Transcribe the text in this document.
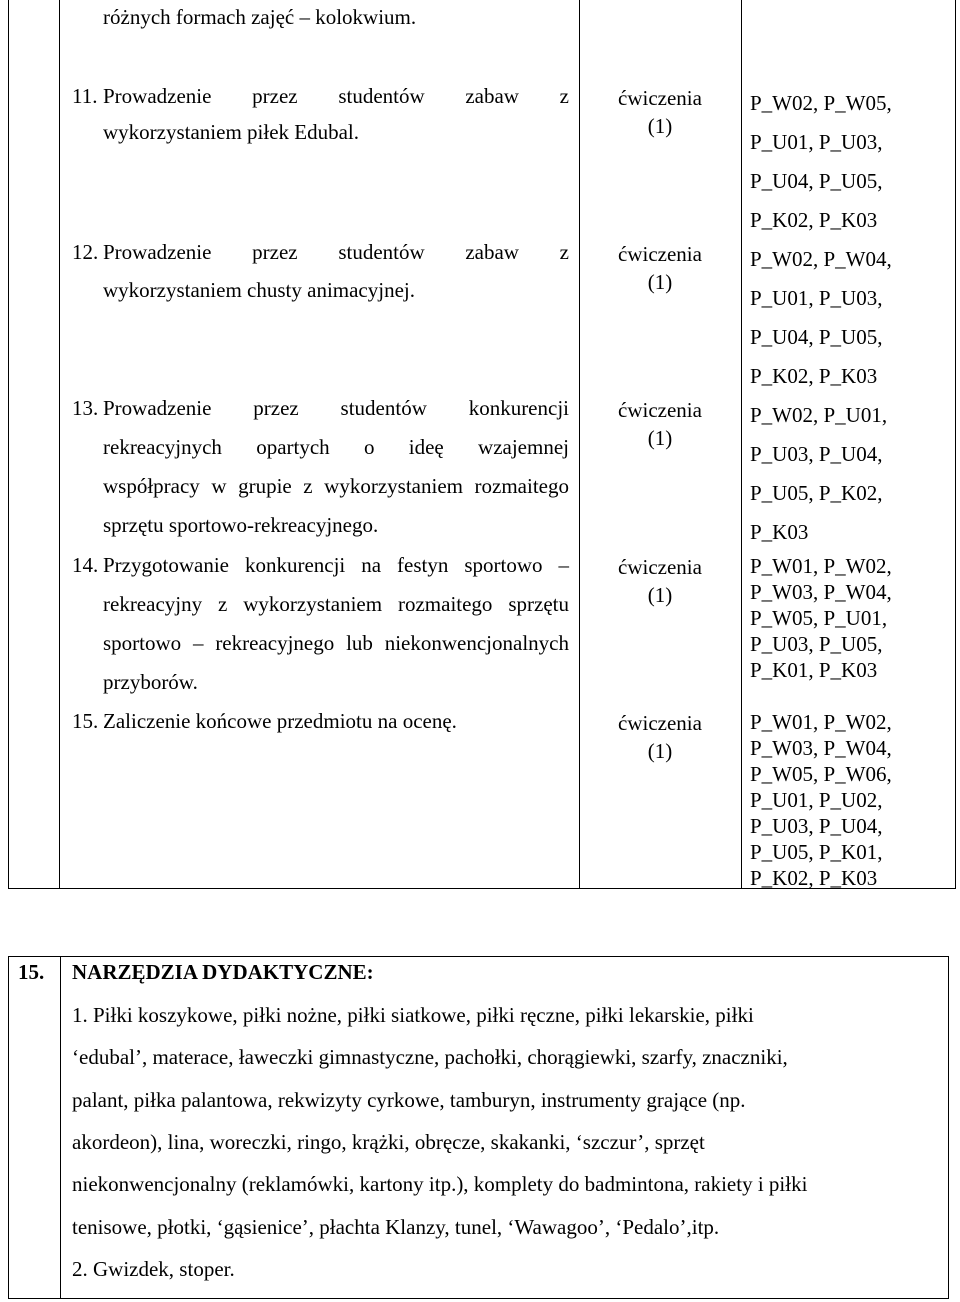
różnych formach zajęć – kolokwium.
11. Prowadzenie przez studentów zabaw z
wykorzystaniem piłek Edubal.
ćwiczenia
(1)
P_W02, P_W05,
P_U01, P_U03,
P_U04, P_U05,
P_K02, P_K03
12. Prowadzenie przez studentów zabaw z
wykorzystaniem chusty animacyjnej.
ćwiczenia
(1)
P_W02, P_W04,
P_U01, P_U03,
P_U04, P_U05,
P_K02, P_K03
13. Prowadzenie przez studentów konkurencji
rekreacyjnych opartych o ideę wzajemnej
współpracy w grupie z wykorzystaniem rozmaitego
sprzętu sportowo-rekreacyjnego.
ćwiczenia
(1)
P_W02, P_U01,
P_U03, P_U04,
P_U05, P_K02,
P_K03
14. Przygotowanie konkurencji na festyn sportowo –
rekreacyjny z wykorzystaniem rozmaitego sprzętu
sportowo – rekreacyjnego lub niekonwencjonalnych
przyborów.
ćwiczenia
(1)
P_W01, P_W02,
P_W03, P_W04,
P_W05, P_U01,
P_U03, P_U05,
P_K01, P_K03
15. Zaliczenie końcowe przedmiotu na ocenę.	ćwiczenia
(1)
P_W01, P_W02,
P_W03, P_W04,
P_W05, P_W06,
P_U01, P_U02,
P_U03, P_U04,
P_U05, P_K01,
P_K02, P_K03
15. NARZĘDZIA DYDAKTYCZNE:
1. Piłki koszykowe, piłki nożne, piłki siatkowe, piłki ręczne, piłki lekarskie, piłki
‘edubal’, materace, ławeczki gimnastyczne, pachołki, chorągiewki, szarfy, znaczniki,
palant, piłka palantowa, rekwizyty cyrkowe, tamburyn, instrumenty grające (np.
akordeon), lina, woreczki, ringo, krążki, obręcze, skakanki, ‘szczur’, sprzęt
niekonwencjonalny (reklamówki, kartony itp.), komplety do badmintona, rakiety i piłki
tenisowe, płotki, ‘gąsienice’, płachta Klanzy, tunel, ‘Wawagoo’, ‘Pedalo’,itp.
2. Gwizdek, stoper.
